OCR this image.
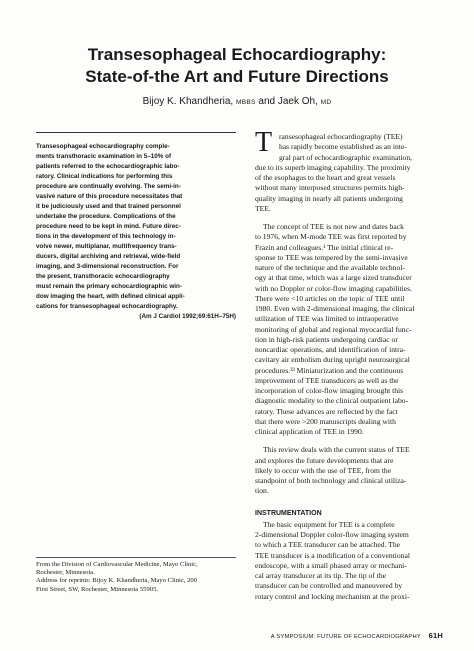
Transesophageal Echocardiography:
State-of-the Art and Future Directions
Bijoy K. Khandheria, MBBS and Jaek Oh, MD
Transesophageal echocardiography comple-
ments transthoracic examination in 5–10% of
patients referred to the echocardiographic labo-
ratory. Clinical indications for performing this
procedure are continually evolving. The semi-in-
vasive nature of this procedure necessitates that
it be judiciously used and that trained personnel
undertake the procedure. Complications of the
procedure need to be kept in mind. Future direc-
tions in the development of this technology in-
volve newer, multiplanar, multifrequency trans-
ducers, digital archiving and retrieval, wide-field
imaging, and 3-dimensional reconstruction. For
the present, transthoracic echocardiography
must remain the primary echocardiographic win-
dow imaging the heart, with defined clinical appli-
cations for transesophageal echocardiography.
(Am J Cardiol 1992;69:61H–75H)
From the Division of Cardiovascular Medicine, Mayo Clinic,
Rochester, Minnesota.
Address for reprints: Bijoy K. Khandheria, Mayo Clinic, 200
First Street, SW, Rochester, Minnesota 55905.
T ransesophageal echocardiography (TEE)
has rapidly become established as an inte-
gral part of echocardiographic examination,
due to its superb imaging capability. The proximity
of the esophagus to the heart and great vessels
without many interposed structures permits high-
quality imaging in nearly all patients undergoing
TEE.
The concept of TEE is not new and dates back
to 1976, when M-mode TEE was first reported by
Frazin and colleagues.¹ The initial clinical re-
sponse to TEE was tempered by the semi-invasive
nature of the technique and the available technol-
ogy at that time, which was a large sized transducer
with no Doppler or color-flow imaging capabilities.
There were <10 articles on the topic of TEE until
1980. Even with 2-dimensional imaging, the clinical
utilization of TEE was limited to intraoperative
monitoring of global and regional myocardial func-
tion in high-risk patients undergoing cardiac or
noncardiac operations, and identification of intra-
cavitary air embolism during upright neurosurgical
procedures.²³ Miniaturization and the continuous
improvement of TEE transducers as well as the
incorporation of color-flow imaging brought this
diagnostic modality to the clinical outpatient labo-
ratory. These advances are reflected by the fact
that there were >200 manuscripts dealing with
clinical application of TEE in 1990.
This review deals with the current status of TEE
and explores the future developments that are
likely to occur with the use of TEE, from the
standpoint of both technology and clinical utiliza-
tion.
INSTRUMENTATION
The basic equipment for TEE is a complete
2-dimensional Doppler color-flow imaging system
to which a TEE transducer can be attached. The
TEE transducer is a modification of a conventional
endoscope, with a small phased array or mechani-
cal array transducer at its tip. The tip of the
transducer can be controlled and maneuvered by
rotary control and locking mechanism at the proxi-
A SYMPOSIUM: FUTURE OF ECHOCARDIOGRAPHY 61H
